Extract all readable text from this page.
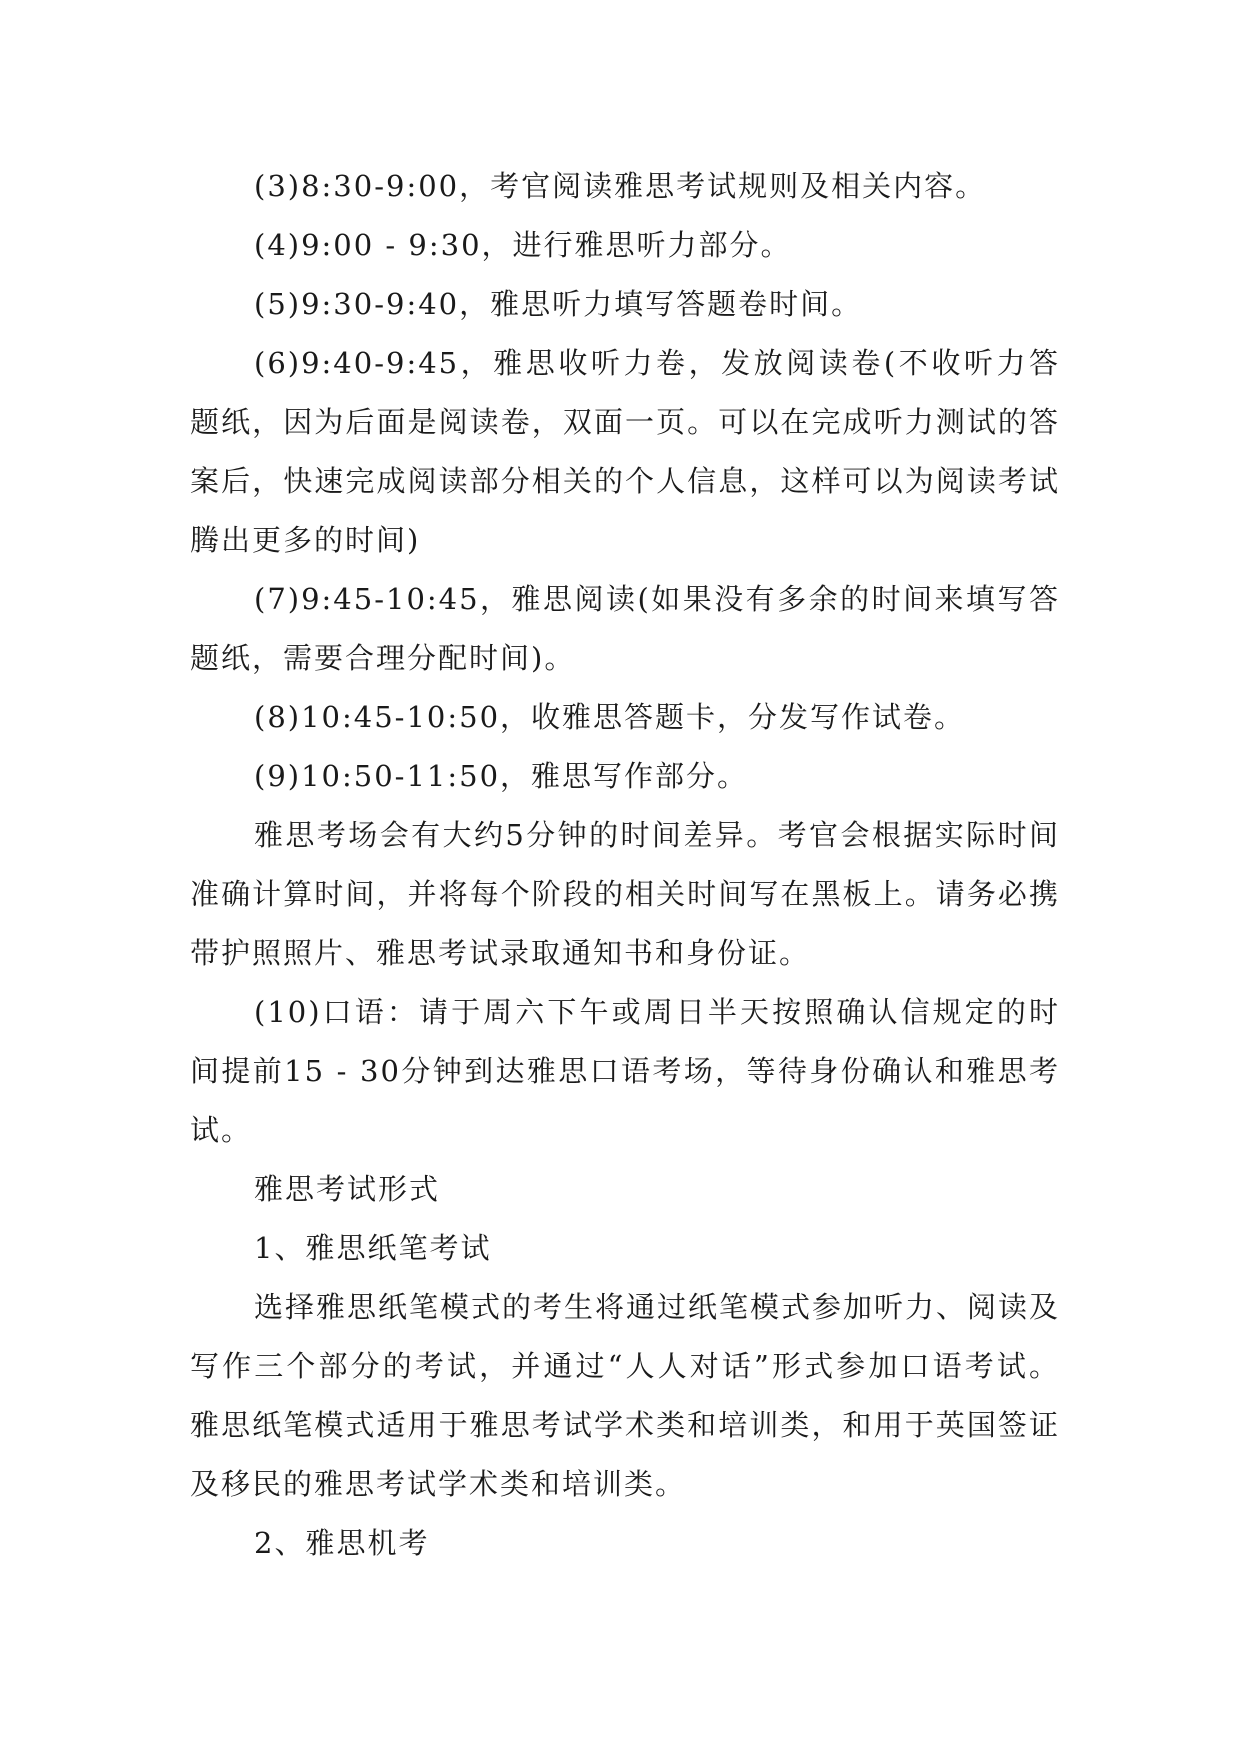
(3)8:30-9:00，考官阅读雅思考试规则及相关内容。

(4)9:00 - 9:30，进行雅思听力部分。

(5)9:30-9:40，雅思听力填写答题卷时间。

(6)9:40-9:45，雅思收听力卷，发放阅读卷(不收听力答题纸，因为后面是阅读卷，双面一页。可以在完成听力测试的答案后，快速完成阅读部分相关的个人信息，这样可以为阅读考试腾出更多的时间)

(7)9:45-10:45，雅思阅读(如果没有多余的时间来填写答题纸，需要合理分配时间)。

(8)10:45-10:50，收雅思答题卡，分发写作试卷。

(9)10:50-11:50，雅思写作部分。

雅思考场会有大约5分钟的时间差异。考官会根据实际时间准确计算时间，并将每个阶段的相关时间写在黑板上。请务必携带护照照片、雅思考试录取通知书和身份证。

(10)口语：请于周六下午或周日半天按照确认信规定的时间提前15 - 30分钟到达雅思口语考场，等待身份确认和雅思考试。

雅思考试形式

1、雅思纸笔考试

选择雅思纸笔模式的考生将通过纸笔模式参加听力、阅读及写作三个部分的考试，并通过“人人对话”形式参加口语考试。雅思纸笔模式适用于雅思考试学术类和培训类，和用于英国签证及移民的雅思考试学术类和培训类。

2、雅思机考
